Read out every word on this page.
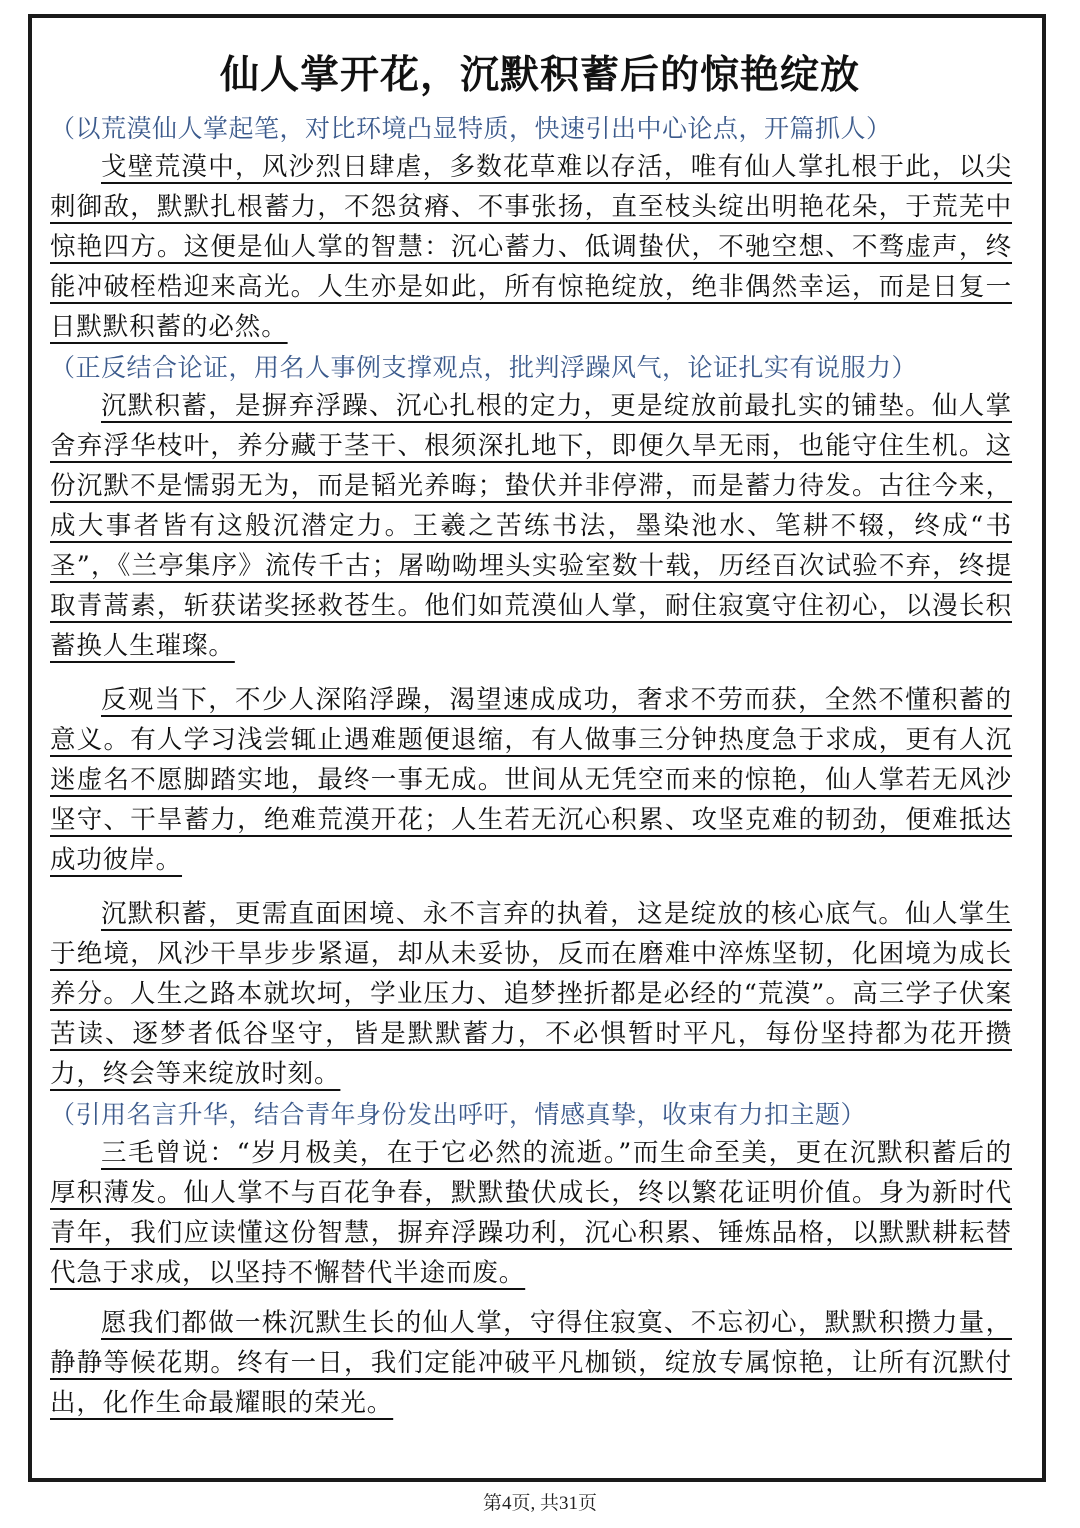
仙人掌开花，沉默积蓄后的惊艳绽放
（以荒漠仙人掌起笔，对比环境凸显特质，快速引出中心论点，开篇抓人）

戈壁荒漠中，风沙烈日肆虐，多数花草难以存活，唯有仙人掌扎根于此，以尖刺御敌，默默扎根蓄力，不怨贫瘠、不事张扬，直至枝头绽出明艳花朵，于荒芜中惊艳四方。这便是仙人掌的智慧：沉心蓄力、低调蛰伏，不驰空想、不骛虚声，终能冲破桎梏迎来高光。人生亦是如此，所有惊艳绽放，绝非偶然幸运，而是日复一日默默积蓄的必然。

（正反结合论证，用名人事例支撑观点，批判浮躁风气，论证扎实有说服力）

沉默积蓄，是摒弃浮躁、沉心扎根的定力，更是绽放前最扎实的铺垫。仙人掌舍弃浮华枝叶，养分藏于茎干、根须深扎地下，即便久旱无雨，也能守住生机。这份沉默不是懦弱无为，而是韬光养晦；蛰伏并非停滞，而是蓄力待发。古往今来，成大事者皆有这般沉潜定力。王羲之苦练书法，墨染池水、笔耕不辍，终成“书圣”，《兰亭集序》流传千古；屠呦呦埋头实验室数十载，历经百次试验不弃，终提取青蒿素，斩获诺奖拯救苍生。他们如荒漠仙人掌，耐住寂寞守住初心，以漫长积蓄换人生璀璨。

反观当下，不少人深陷浮躁，渴望速成成功，奢求不劳而获，全然不懂积蓄的意义。有人学习浅尝辄止遇难题便退缩，有人做事三分钟热度急于求成，更有人沉迷虚名不愿脚踏实地，最终一事无成。世间从无凭空而来的惊艳，仙人掌若无风沙坚守、干旱蓄力，绝难荒漠开花；人生若无沉心积累、攻坚克难的韧劲，便难抵达成功彼岸。

沉默积蓄，更需直面困境、永不言弃的执着，这是绽放的核心底气。仙人掌生于绝境，风沙干旱步步紧逼，却从未妥协，反而在磨难中淬炼坚韧，化困境为成长养分。人生之路本就坎坷，学业压力、追梦挫折都是必经的“荒漠”。高三学子伏案苦读、逐梦者低谷坚守，皆是默默蓄力，不必惧暂时平凡，每份坚持都为花开攒力，终会等来绽放时刻。

（引用名言升华，结合青年身份发出呼吁，情感真挚，收束有力扣主题）

三毛曾说：“岁月极美，在于它必然的流逝。”而生命至美，更在沉默积蓄后的厚积薄发。仙人掌不与百花争春，默默蛰伏成长，终以繁花证明价值。身为新时代青年，我们应读懂这份智慧，摒弃浮躁功利，沉心积累、锤炼品格，以默默耕耘替代急于求成，以坚持不懈替代半途而废。

愿我们都做一株沉默生长的仙人掌，守得住寂寞、不忘初心，默默积攒力量，静静等候花期。终有一日，我们定能冲破平凡枷锁，绽放专属惊艳，让所有沉默付出，化作生命最耀眼的荣光。

第4页, 共31页
